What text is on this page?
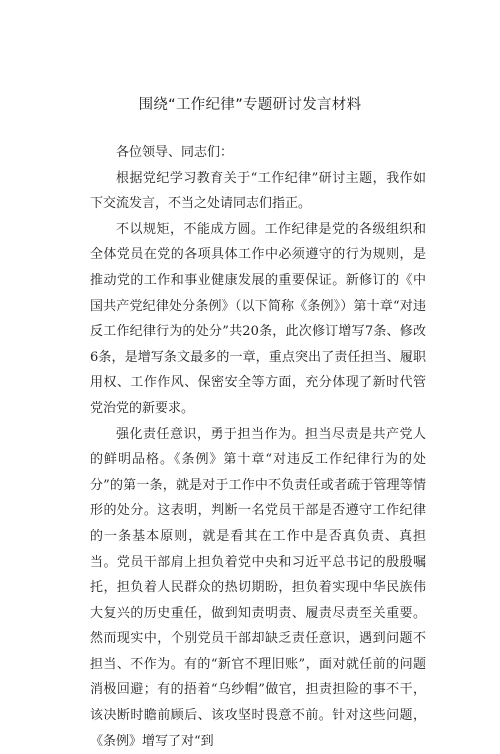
围绕“工作纪律”专题研讨发言材料

各位领导、同志们：

根据党纪学习教育关于“工作纪律”研讨主题，我作如下交流发言，不当之处请同志们指正。

不以规矩，不能成方圆。工作纪律是党的各级组织和全体党员在党的各项具体工作中必须遵守的行为规则，是推动党的工作和事业健康发展的重要保证。新修订的《中国共产党纪律处分条例》（以下简称《条例》）第十章“对违反工作纪律行为的处分”共20条，此次修订增写7条、修改6条，是增写条文最多的一章，重点突出了责任担当、履职用权、工作作风、保密安全等方面，充分体现了新时代管党治党的新要求。

强化责任意识，勇于担当作为。担当尽责是共产党人的鲜明品格。《条例》第十章“对违反工作纪律行为的处分”的第一条，就是对于工作中不负责任或者疏于管理等情形的处分。这表明，判断一名党员干部是否遵守工作纪律的一条基本原则，就是看其在工作中是否真负责、真担当。党员干部肩上担负着党中央和习近平总书记的殷殷嘱托，担负着人民群众的热切期盼，担负着实现中华民族伟大复兴的历史重任，做到知责明责、履责尽责至关重要。然而现实中，个别党员干部却缺乏责任意识，遇到问题不担当、不作为。有的“新官不理旧账”，面对就任前的问题消极回避；有的捂着“乌纱帽”做官，担责担险的事不干，该决断时瞻前顾后、该攻坚时畏意不前。针对这些问题，《条例》增写了对“到
